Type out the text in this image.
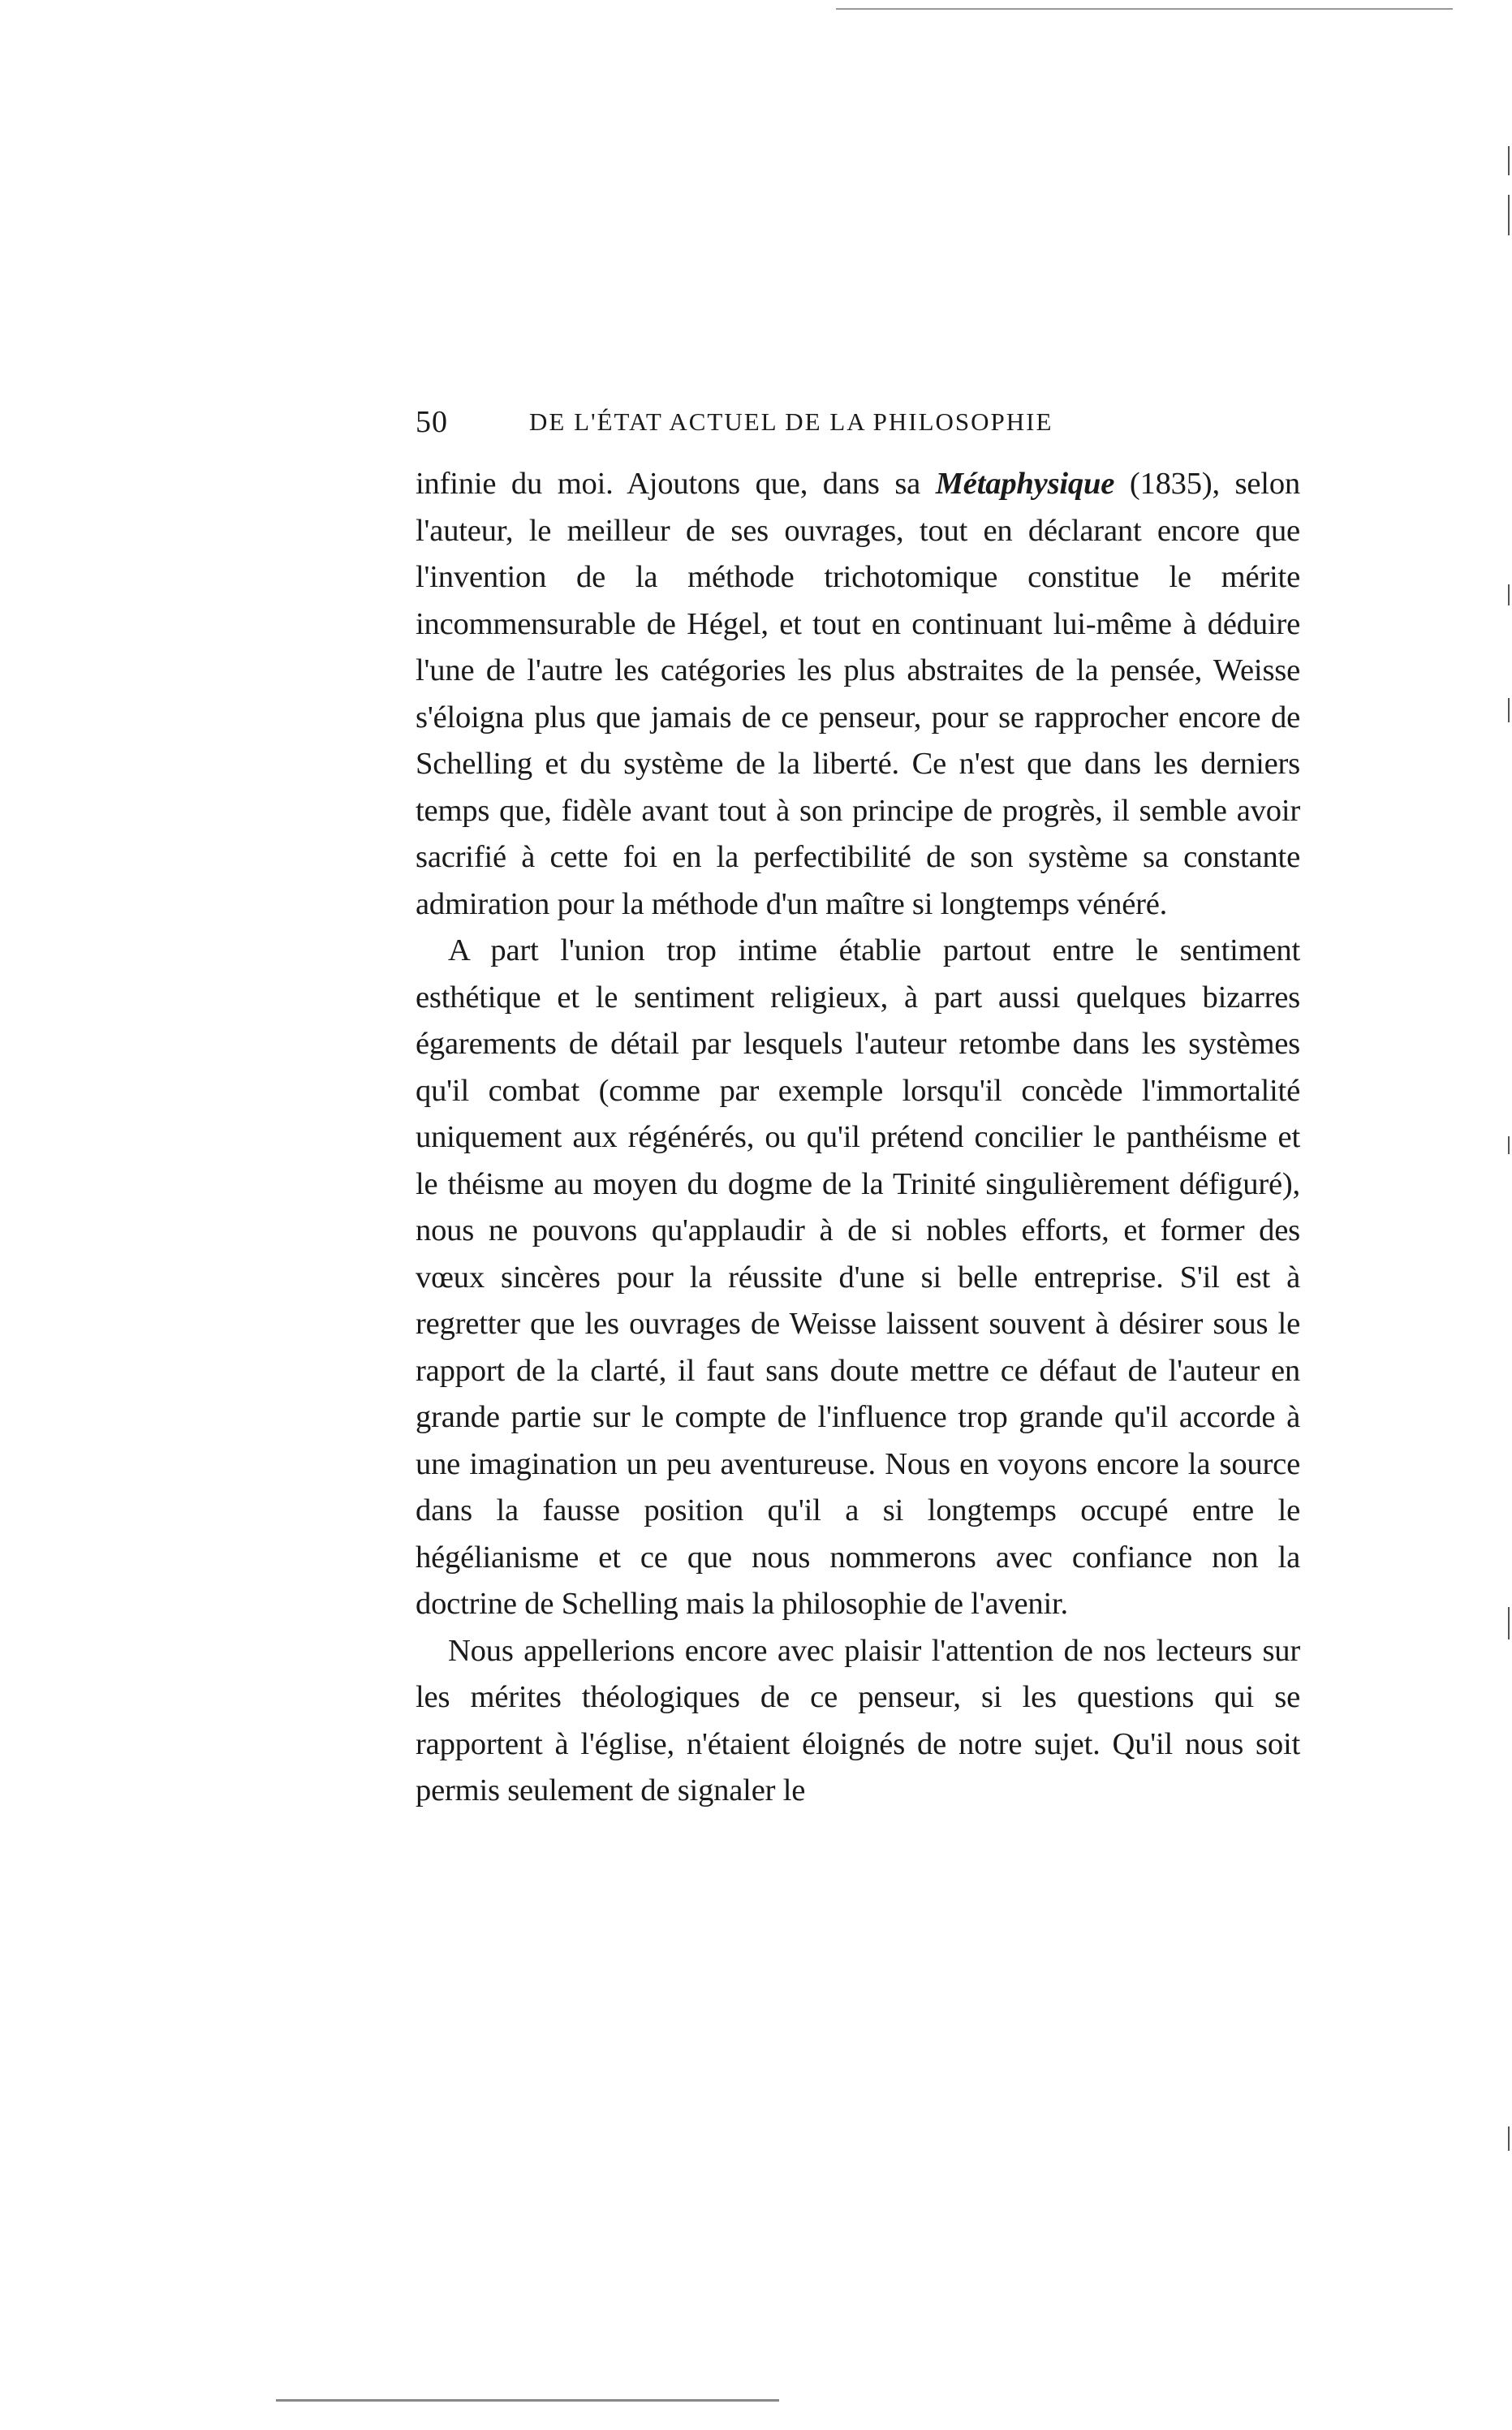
50	DE L'ÉTAT ACTUEL DE LA PHILOSOPHIE

infinie du moi. Ajoutons que, dans sa Métaphysique (1835), selon l'auteur, le meilleur de ses ouvrages, tout en déclarant encore que l'invention de la méthode trichotomique constitue le mérite incommensurable de Hégel, et tout en continuant lui-même à déduire l'une de l'autre les catégories les plus abstraites de la pensée, Weisse s'éloigna plus que jamais de ce penseur, pour se rapprocher encore de Schelling et du système de la liberté. Ce n'est que dans les derniers temps que, fidèle avant tout à son principe de progrès, il semble avoir sacrifié à cette foi en la perfectibilité de son système sa constante admiration pour la méthode d'un maître si longtemps vénéré.

A part l'union trop intime établie partout entre le sentiment esthétique et le sentiment religieux, à part aussi quelques bizarres égarements de détail par lesquels l'auteur retombe dans les systèmes qu'il combat (comme par exemple lorsqu'il concède l'immortalité uniquement aux régénérés, ou qu'il prétend concilier le panthéisme et le théisme au moyen du dogme de la Trinité singulièrement défiguré), nous ne pouvons qu'applaudir à de si nobles efforts, et former des vœux sincères pour la réussite d'une si belle entreprise. S'il est à regretter que les ouvrages de Weisse laissent souvent à désirer sous le rapport de la clarté, il faut sans doute mettre ce défaut de l'auteur en grande partie sur le compte de l'influence trop grande qu'il accorde à une imagination un peu aventureuse. Nous en voyons encore la source dans la fausse position qu'il a si longtemps occupé entre le hégélianisme et ce que nous nommerons avec confiance non la doctrine de Schelling mais la philosophie de l'avenir.

Nous appellerions encore avec plaisir l'attention de nos lecteurs sur les mérites théologiques de ce penseur, si les questions qui se rapportent à l'église, n'étaient éloignés de notre sujet. Qu'il nous soit permis seulement de signaler le
